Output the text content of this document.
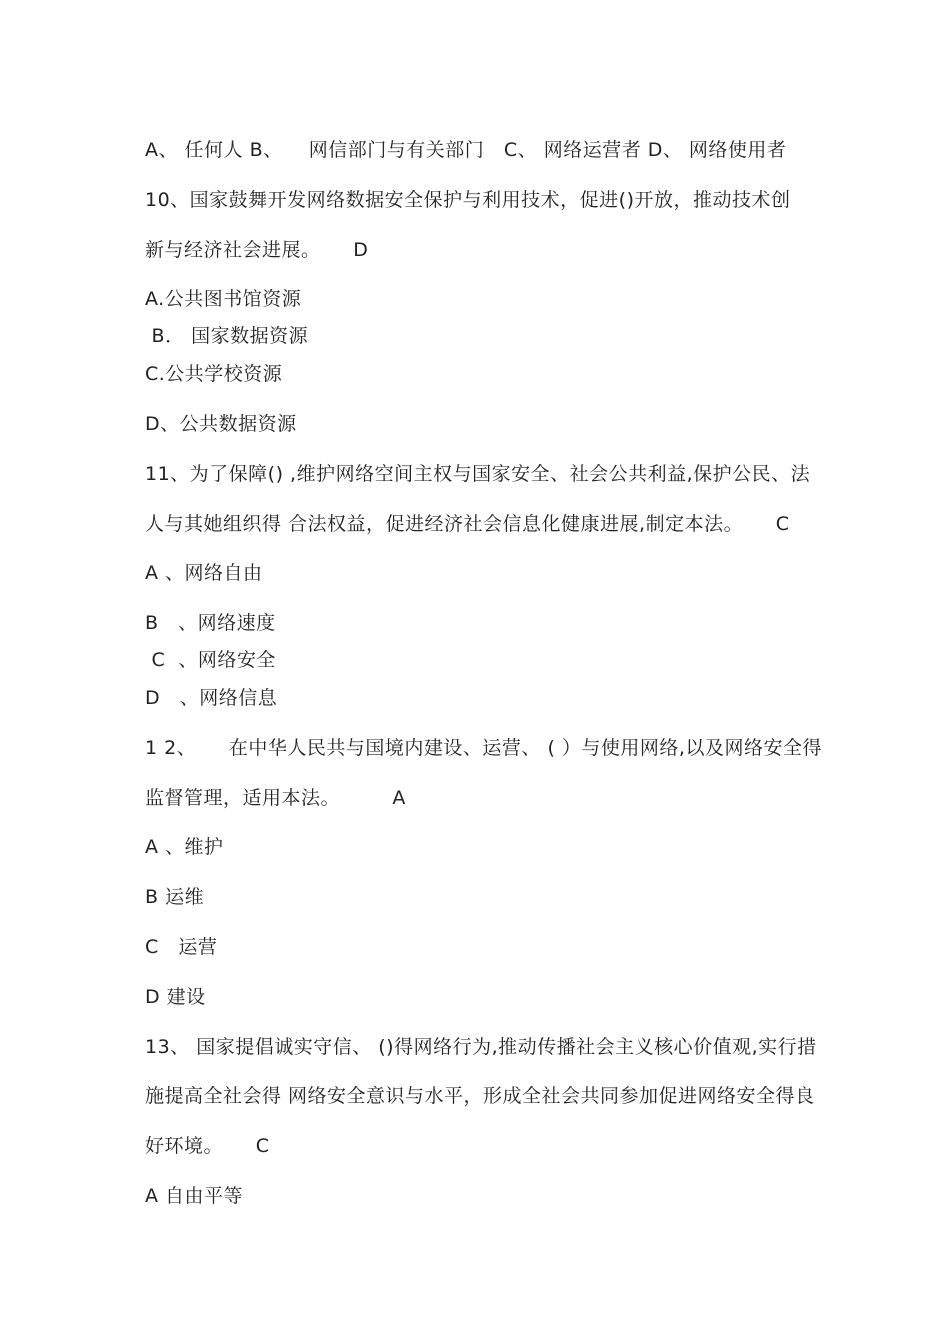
A、 任何人 B、    网信部门与有关部门   C、 网络运营者 D、 网络使用者
10、国家鼓舞开发网络数据安全保护与利用技术，促进()开放，推动技术创
新与经济社会进展。     D
A.公共图书馆资源
B． 国家数据资源
C.公共学校资源
D、公共数据资源
11、为了保障() ,维护网络空间主权与国家安全、社会公共利益,保护公民、法
人与其她组织得 合法权益，促进经济社会信息化健康进展,制定本法。     C
A 、网络自由
B   、网络速度
C  、网络安全
D   、网络信息
1 2、     在中华人民共与国境内建设、运营、 ( ）与使用网络,以及网络安全得
监督管理，适用本法。        A
A 、维护
B 运维
C   运营
D 建设
13、 国家提倡诚实守信、 ()得网络行为,推动传播社会主义核心价值观,实行措
施提高全社会得 网络安全意识与水平，形成全社会共同参加促进网络安全得良
好环境。     C
A 自由平等
